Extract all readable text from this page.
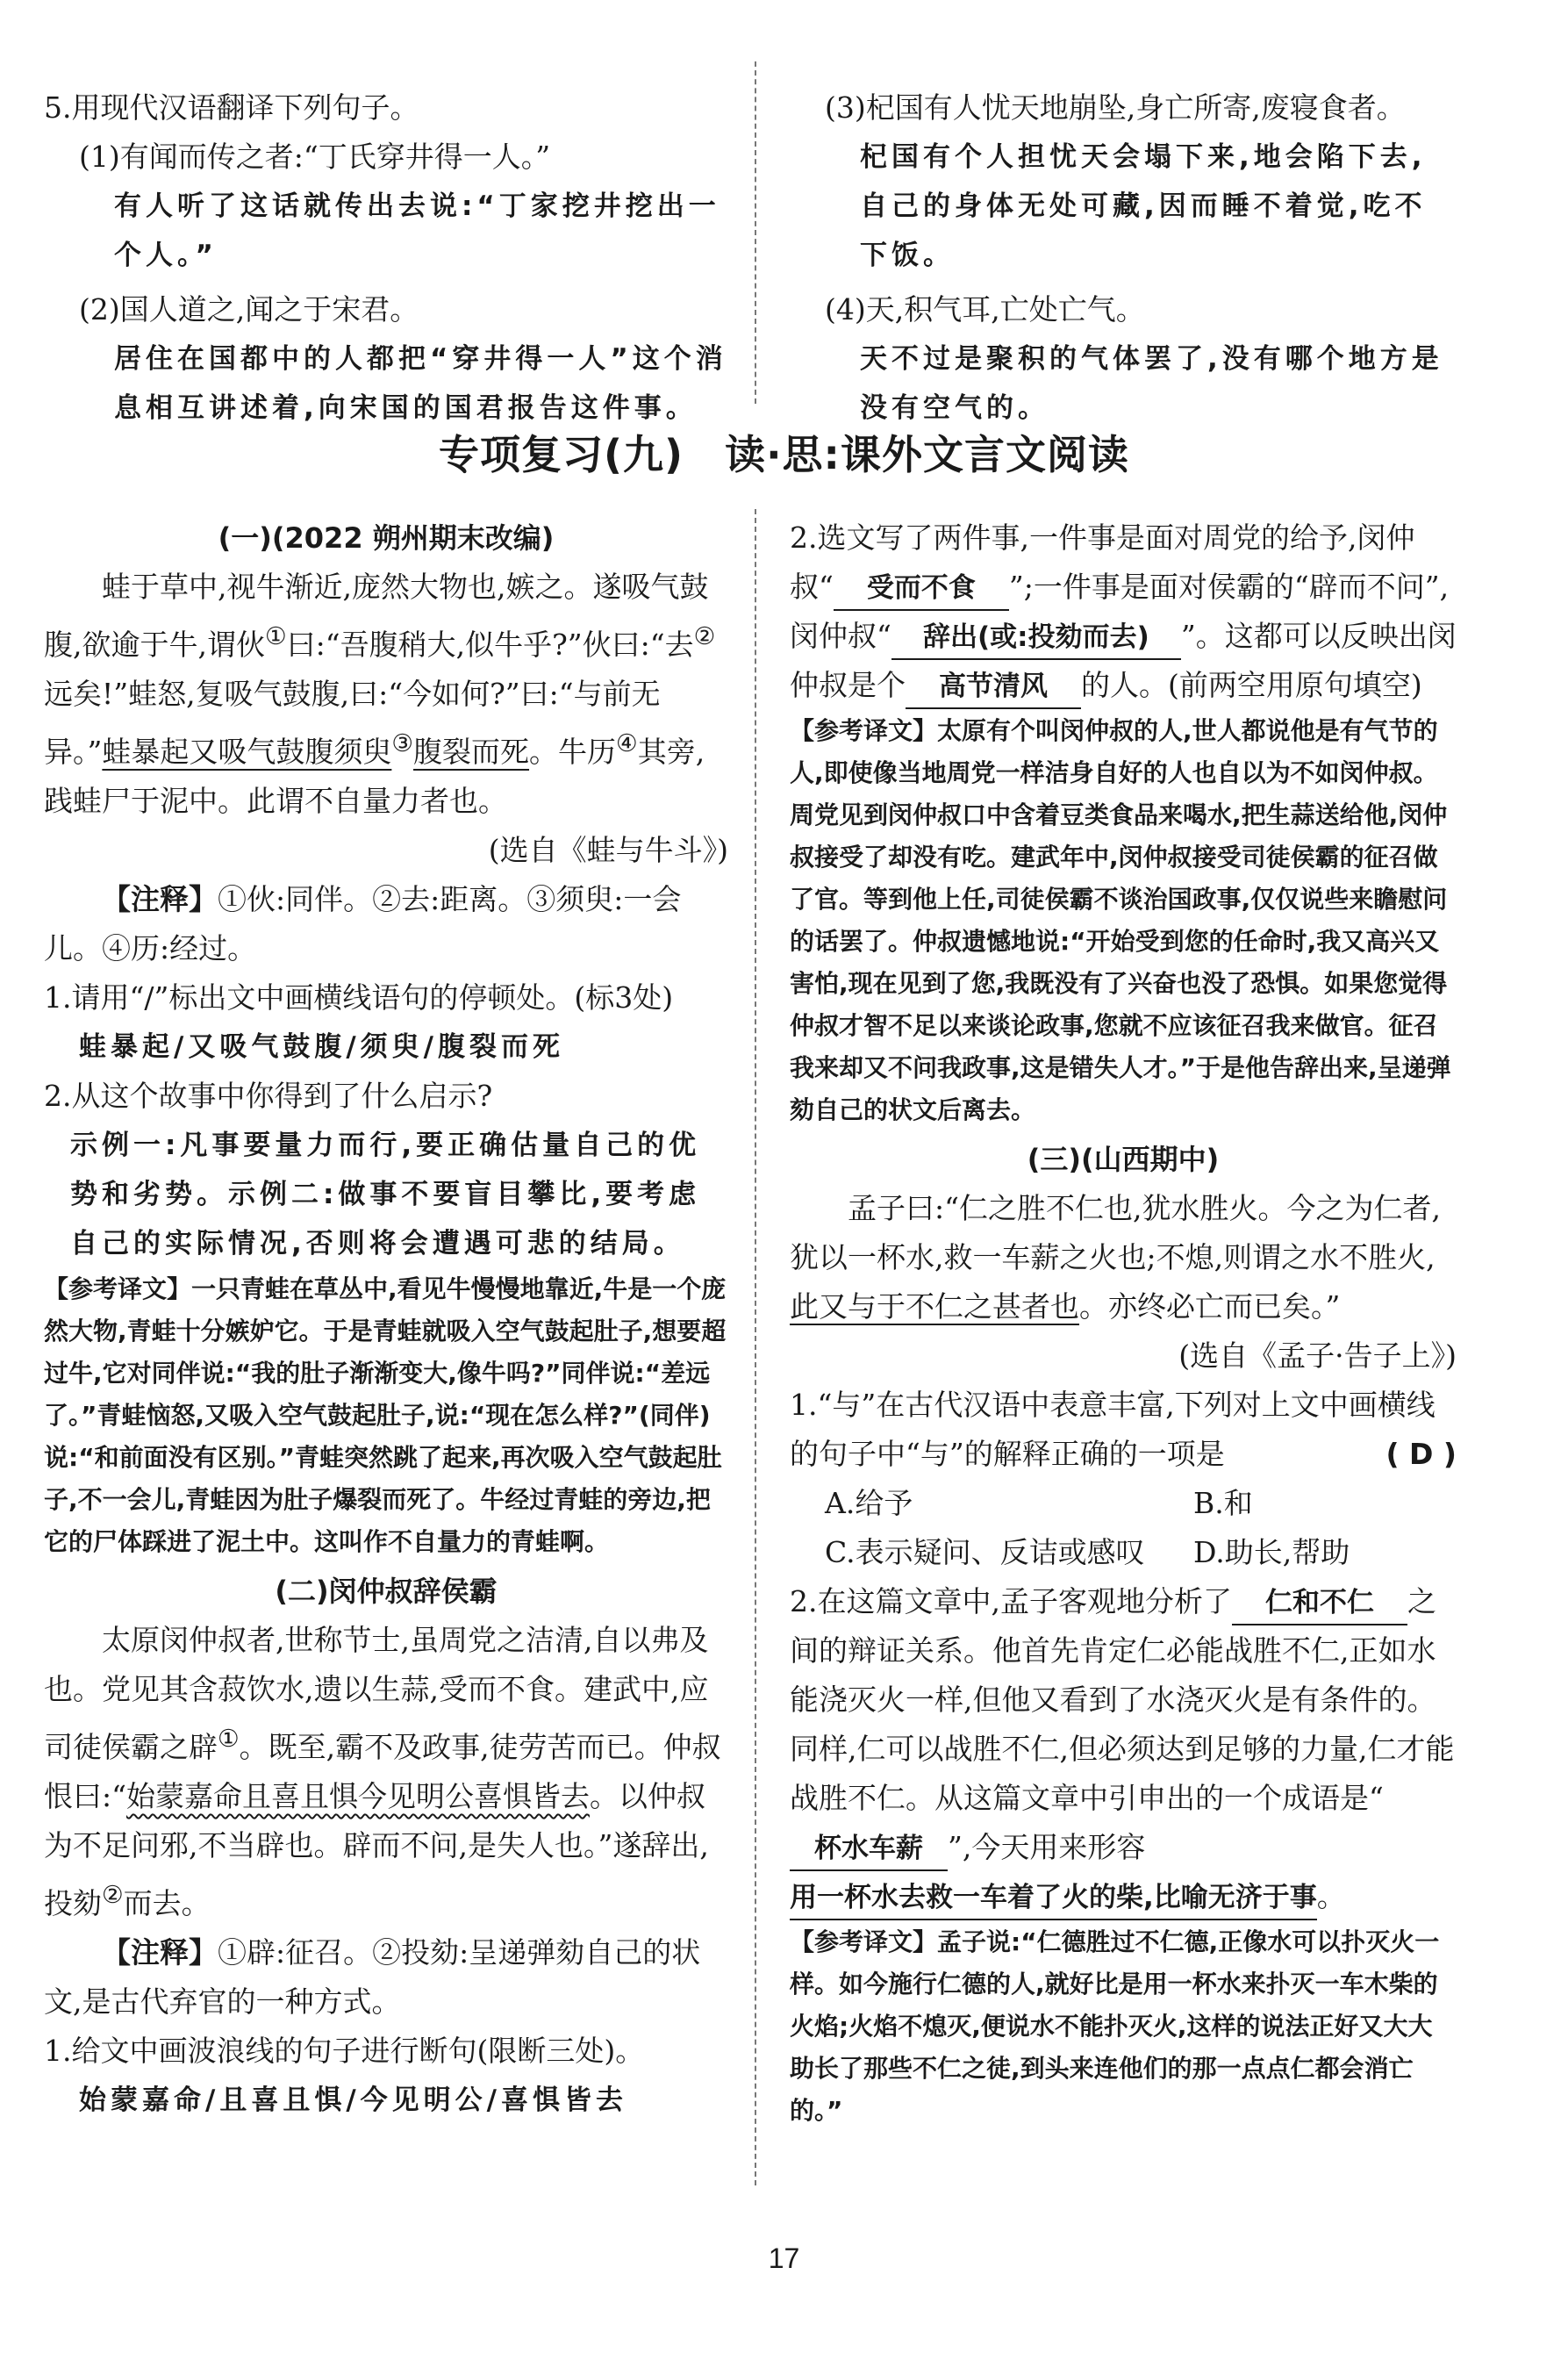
5.用现代汉语翻译下列句子。

(1)有闻而传之者:“丁氏穿井得一人。”

有人听了这话就传出去说:“丁家挖井挖出一个人。”

(2)国人道之,闻之于宋君。

居住在国都中的人都把“穿井得一人”这个消息相互讲述着,向宋国的国君报告这件事。

(3)杞国有人忧天地崩坠,身亡所寄,废寝食者。

杞国有个人担忧天会塌下来,地会陷下去,自己的身体无处可藏,因而睡不着觉,吃不下饭。

(4)天,积气耳,亡处亡气。

天不过是聚积的气体罢了,没有哪个地方是没有空气的。

专项复习(九)　读·思:课外文言文阅读

(一)(2022 朔州期末改编)

蛙于草中,视牛渐近,庞然大物也,嫉之。遂吸气鼓腹,欲逾于牛,谓伙①曰:“吾腹稍大,似牛乎?”伙曰:“去②远矣!”蛙怒,复吸气鼓腹,曰:“今如何?”曰:“与前无异。”蛙暴起又吸气鼓腹须臾③腹裂而死。牛历④其旁,践蛙尸于泥中。此谓不自量力者也。

(选自《蛙与牛斗》)

【注释】①伙:同伴。②去:距离。③须臾:一会儿。④历:经过。

1.请用“/”标出文中画横线语句的停顿处。(标3处)

蛙暴起/又吸气鼓腹/须臾/腹裂而死

2.从这个故事中你得到了什么启示?

示例一:凡事要量力而行,要正确估量自己的优势和劣势。示例二:做事不要盲目攀比,要考虑自己的实际情况,否则将会遭遇可悲的结局。

【参考译文】一只青蛙在草丛中,看见牛慢慢地靠近,牛是一个庞然大物,青蛙十分嫉妒它。于是青蛙就吸入空气鼓起肚子,想要超过牛,它对同伴说:“我的肚子渐渐变大,像牛吗?”同伴说:“差远了。”青蛙恼怒,又吸入空气鼓起肚子,说:“现在怎么样?”(同伴)说:“和前面没有区别。”青蛙突然跳了起来,再次吸入空气鼓起肚子,不一会儿,青蛙因为肚子爆裂而死了。牛经过青蛙的旁边,把它的尸体踩进了泥土中。这叫作不自量力的青蛙啊。

(二)闵仲叔辞侯霸

太原闵仲叔者,世称节士,虽周党之洁清,自以弗及也。党见其含菽饮水,遗以生蒜,受而不食。建武中,应司徒侯霸之辟①。既至,霸不及政事,徒劳苦而已。仲叔恨曰:“始蒙嘉命且喜且惧今见明公喜惧皆去。以仲叔为不足问邪,不当辟也。辟而不问,是失人也。”遂辞出,投劾②而去。

【注释】①辟:征召。②投劾:呈递弹劾自己的状文,是古代弃官的一种方式。

1.给文中画波浪线的句子进行断句(限断三处)。

始蒙嘉命/且喜且惧/今见明公/喜惧皆去

2.选文写了两件事,一件事是面对周党的给予,闵仲叔“ 受而不食 ”;一件事是面对侯霸的“辟而不问”,闵仲叔“ 辞出(或:投劾而去) ”。这都可以反映出闵仲叔是个 高节清风 的人。(前两空用原句填空)

【参考译文】太原有个叫闵仲叔的人,世人都说他是有气节的人,即使像当地周党一样洁身自好的人也自以为不如闵仲叔。周党见到闵仲叔口中含着豆类食品来喝水,把生蒜送给他,闵仲叔接受了却没有吃。建武年中,闵仲叔接受司徒侯霸的征召做了官。等到他上任,司徒侯霸不谈治国政事,仅仅说些来瞻慰问的话罢了。仲叔遗憾地说:“开始受到您的任命时,我又高兴又害怕,现在见到了您,我既没有了兴奋也没了恐惧。如果您觉得仲叔才智不足以来谈论政事,您就不应该征召我来做官。征召我来却又不问我政事,这是错失人才。”于是他告辞出来,呈递弹劾自己的状文后离去。

(三)(山西期中)

孟子曰:“仁之胜不仁也,犹水胜火。今之为仁者,犹以一杯水,救一车薪之火也;不熄,则谓之水不胜火,此又与于不仁之甚者也。亦终必亡而已矣。”

(选自《孟子·告子上》)

1.“与”在古代汉语中表意丰富,下列对上文中画横线的句子中“与”的解释正确的一项是	( D )

A.给予	B.和

C.表示疑问、反诘或感叹 D.助长,帮助

2.在这篇文章中,孟子客观地分析了 仁和不仁 之间的辩证关系。他首先肯定仁必能战胜不仁,正如水能浇灭火一样,但他又看到了水浇灭火是有条件的。同样,仁可以战胜不仁,但必须达到足够的力量,仁才能战胜不仁。从这篇文章中引申出的一个成语是“杯水车薪 ”,今天用来形容用一杯水去救一车着了火的柴,比喻无济于事。

【参考译文】孟子说:“仁德胜过不仁德,正像水可以扑灭火一样。如今施行仁德的人,就好比是用一杯水来扑灭一车木柴的火焰;火焰不熄灭,便说水不能扑灭火,这样的说法正好又大大助长了那些不仁之徒,到头来连他们的那一点点仁都会消亡的。”

17
